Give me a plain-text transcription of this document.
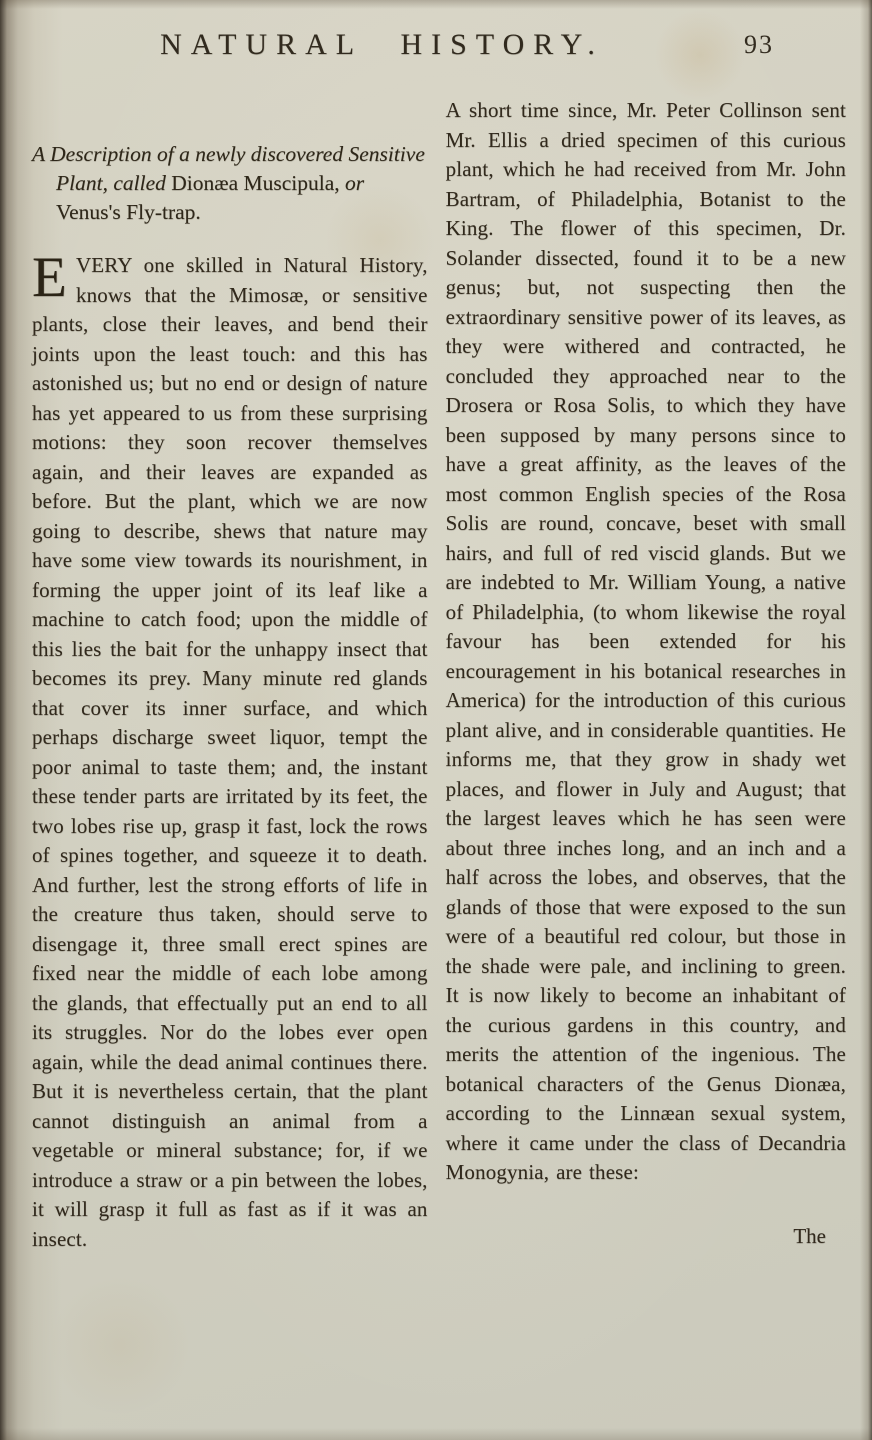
NATURAL HISTORY.	93
A Description of a newly discovered Sensitive Plant, called Dionæa Muscipula, or Venus's Fly-trap.

EVERY one skilled in Natural History, knows that the Mimosæ, or sensitive plants, close their leaves, and bend their joints upon the least touch: and this has astonished us; but no end or design of nature has yet appeared to us from these surprising motions: they soon recover themselves again, and their leaves are expanded as before. But the plant, which we are now going to describe, shews that nature may have some view towards its nourishment, in forming the upper joint of its leaf like a machine to catch food; upon the middle of this lies the bait for the unhappy insect that becomes its prey. Many minute red glands that cover its inner surface, and which perhaps discharge sweet liquor, tempt the poor animal to taste them; and, the instant these tender parts are irritated by its feet, the two lobes rise up, grasp it fast, lock the rows of spines together, and squeeze it to death. And further, lest the strong efforts of life in the creature thus taken, should serve to disengage it, three small erect spines are fixed near the middle of each lobe among the glands, that effectually put an end to all its struggles. Nor do the lobes ever open again, while the dead animal continues there. But it is nevertheless certain, that the plant cannot distinguish an animal from a vegetable or mineral substance; for, if we introduce a straw or a pin between the lobes, it will grasp it full as fast as if it was an insect.

A short time since, Mr. Peter Collinson sent Mr. Ellis a dried specimen of this curious plant, which he had received from Mr. John Bartram, of Philadelphia, Botanist to the King. The flower of this specimen, Dr. Solander dissected, found it to be a new genus; but, not suspecting then the extraordinary sensitive power of its leaves, as they were withered and contracted, he concluded they approached near to the Drosera or Rosa Solis, to which they have been supposed by many persons since to have a great affinity, as the leaves of the most common English species of the Rosa Solis are round, concave, beset with small hairs, and full of red viscid glands. But we are indebted to Mr. William Young, a native of Philadelphia, (to whom likewise the royal favour has been extended for his encouragement in his botanical researches in America) for the introduction of this curious plant alive, and in considerable quantities. He informs me, that they grow in shady wet places, and flower in July and August; that the largest leaves which he has seen were about three inches long, and an inch and a half across the lobes, and observes, that the glands of those that were exposed to the sun were of a beautiful red colour, but those in the shade were pale, and inclining to green. It is now likely to become an inhabitant of the curious gardens in this country, and merits the attention of the ingenious. The botanical characters of the Genus Dionæa, according to the Linnæan sexual system, where it came under the class of Decandria Monogynia, are these:

The
